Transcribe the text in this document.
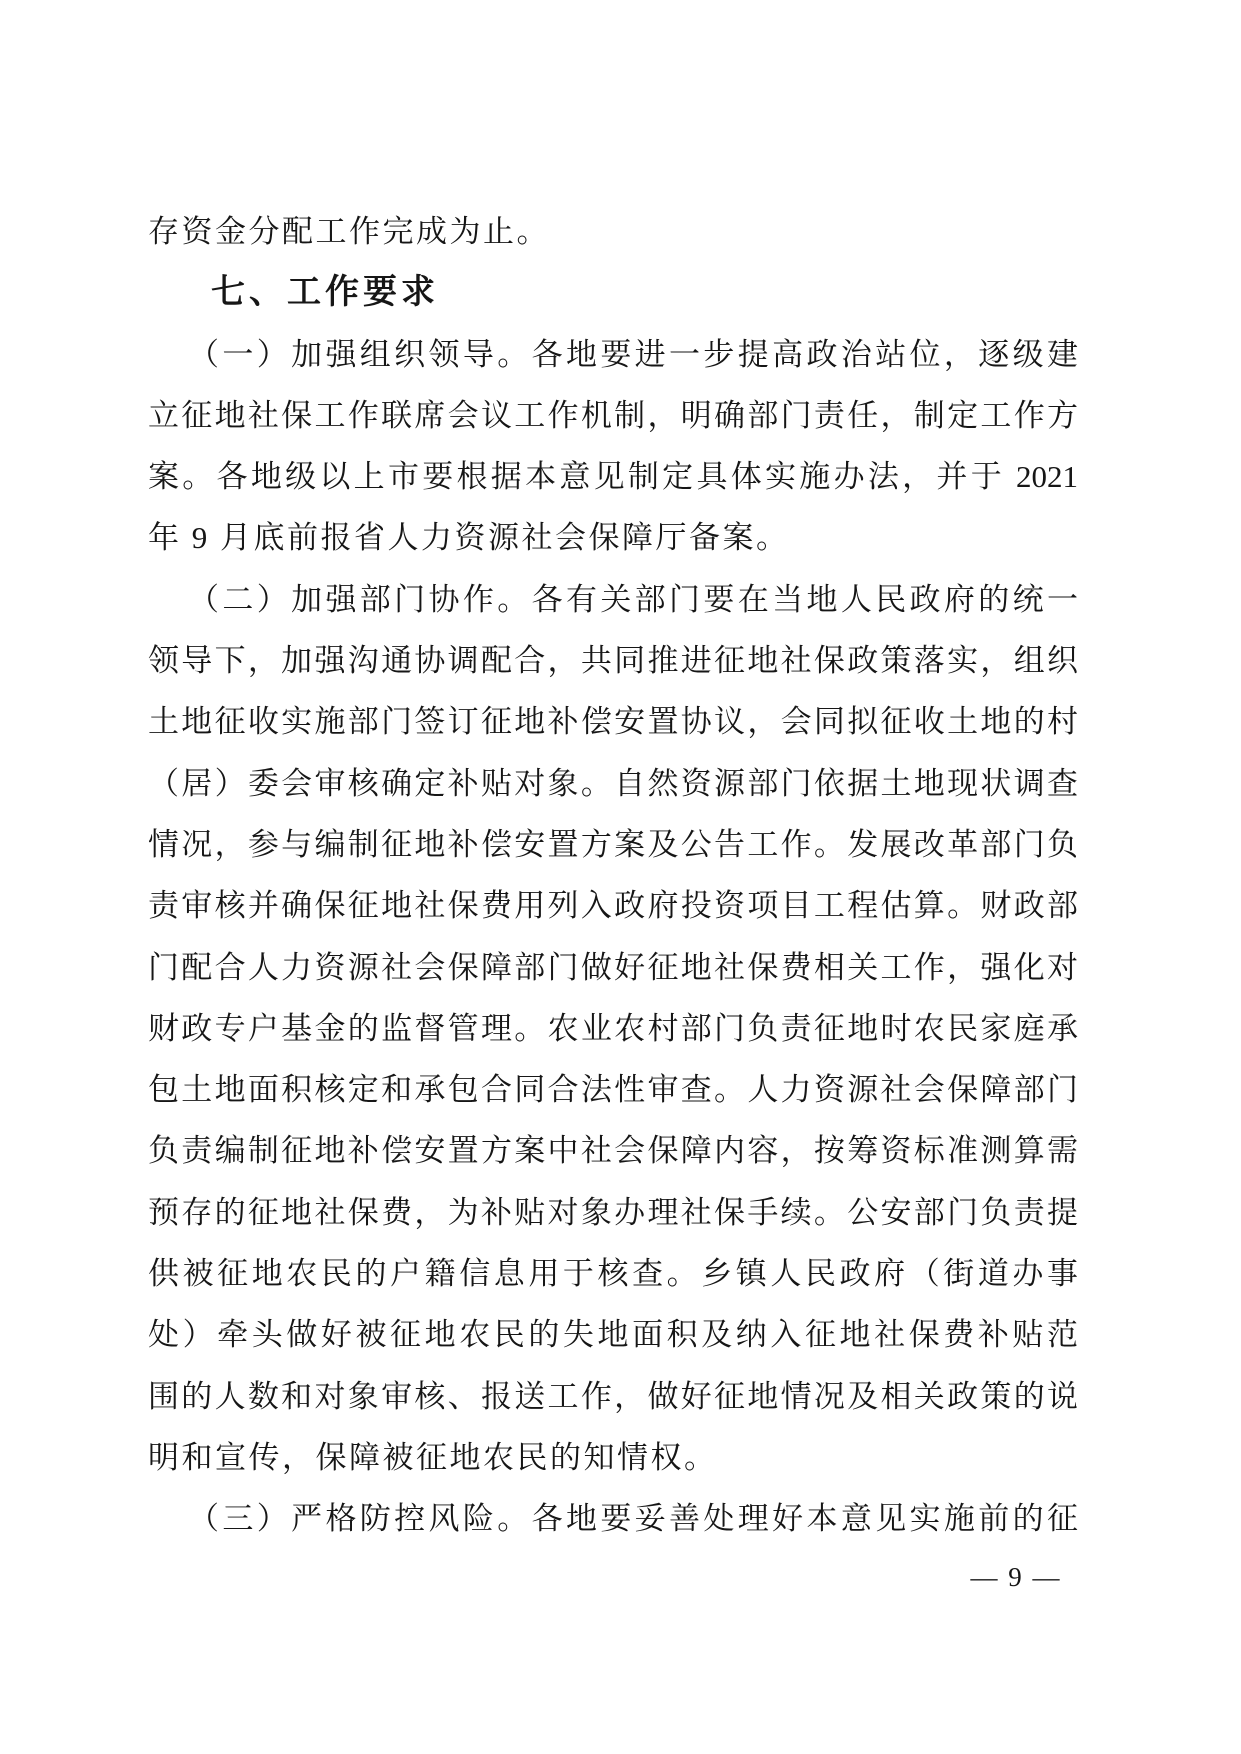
存资金分配工作完成为止。
七、工作要求
（一）加强组织领导。各地要进一步提高政治站位，逐级建
立征地社保工作联席会议工作机制，明确部门责任，制定工作方
案。各地级以上市要根据本意见制定具体实施办法，并于 2021
年 9 月底前报省人力资源社会保障厅备案。
（二）加强部门协作。各有关部门要在当地人民政府的统一
领导下，加强沟通协调配合，共同推进征地社保政策落实，组织
土地征收实施部门签订征地补偿安置协议，会同拟征收土地的村
（居）委会审核确定补贴对象。自然资源部门依据土地现状调查
情况，参与编制征地补偿安置方案及公告工作。发展改革部门负
责审核并确保征地社保费用列入政府投资项目工程估算。财政部
门配合人力资源社会保障部门做好征地社保费相关工作，强化对
财政专户基金的监督管理。农业农村部门负责征地时农民家庭承
包土地面积核定和承包合同合法性审查。人力资源社会保障部门
负责编制征地补偿安置方案中社会保障内容，按筹资标准测算需
预存的征地社保费，为补贴对象办理社保手续。公安部门负责提
供被征地农民的户籍信息用于核查。乡镇人民政府（街道办事
处）牵头做好被征地农民的失地面积及纳入征地社保费补贴范
围的人数和对象审核、报送工作，做好征地情况及相关政策的说
明和宣传，保障被征地农民的知情权。
（三）严格防控风险。各地要妥善处理好本意见实施前的征
— 9 —
